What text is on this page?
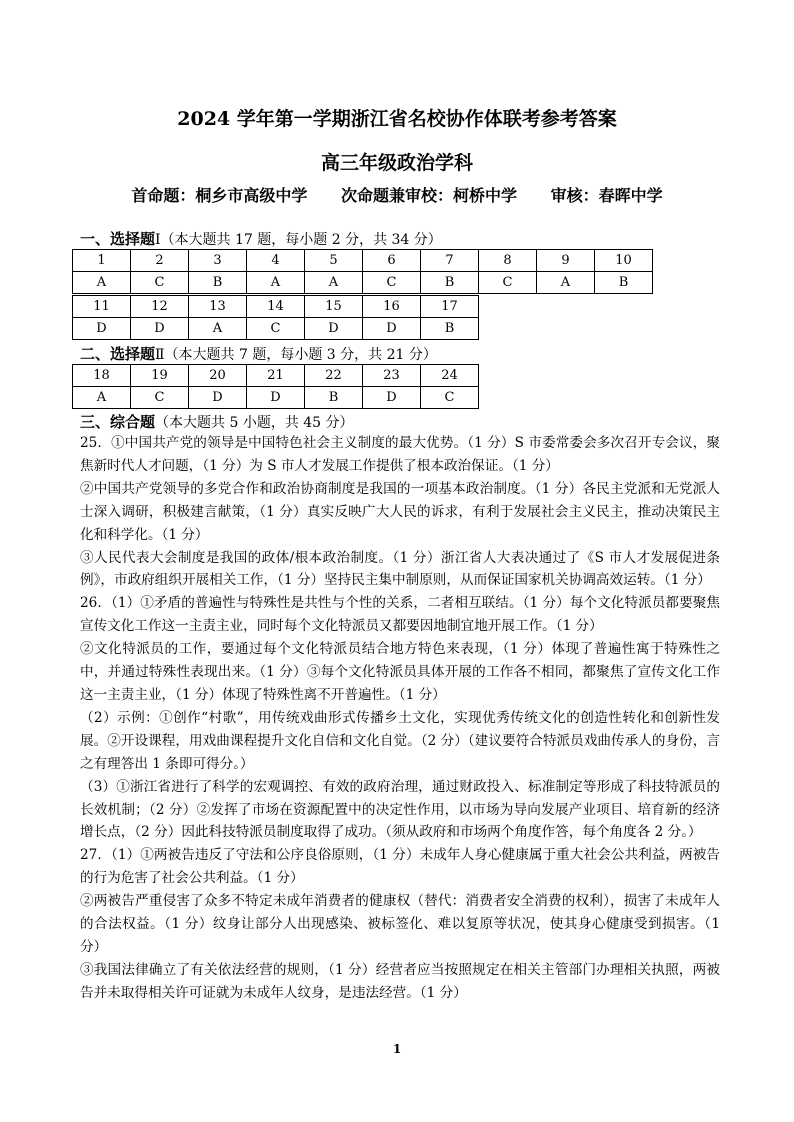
2024 学年第一学期浙江省名校协作体联考参考答案
高三年级政治学科
首命题：桐乡市高级中学 次命题兼审校：柯桥中学 审核：春晖中学
一、选择题Ⅰ（本大题共 17 题，每小题 2 分，共 34 分）
1	2	3	4	5	6	7	8	9	10
A	C	B	A	A	C	B	C	A	B
11	12	13	14	15	16	17
D	D	A	C	D	D	B
二、选择题Ⅱ（本大题共 7 题，每小题 3 分，共 21 分）
18	19	20	21	22	23	24
A	C	D	D	B	D	C
三、综合题（本大题共 5 小题，共 45 分）

25．①中国共产党的领导是中国特色社会主义制度的最大优势。（1 分）S 市委常委会多次召开专会议，聚焦新时代人才问题，（1 分）为 S 市人才发展工作提供了根本政治保证。（1 分）

②中国共产党领导的多党合作和政治协商制度是我国的一项基本政治制度。（1 分）各民主党派和无党派人士深入调研，积极建言献策，（1 分）真实反映广大人民的诉求，有利于发展社会主义民主，推动决策民主化和科学化。（1 分）

③人民代表大会制度是我国的政体/根本政治制度。（1 分）浙江省人大表决通过了《S 市人才发展促进条例》，市政府组织开展相关工作，（1 分）坚持民主集中制原则，从而保证国家机关协调高效运转。（1 分）

26．（1）①矛盾的普遍性与特殊性是共性与个性的关系，二者相互联结。（1 分）每个文化特派员都要聚焦宣传文化工作这一主责主业，同时每个文化特派员又都要因地制宜地开展工作。（1 分）

②文化特派员的工作，要通过每个文化特派员结合地方特色来表现，（1 分）体现了普遍性寓于特殊性之中，并通过特殊性表现出来。（1 分）③每个文化特派员具体开展的工作各不相同，都聚焦了宣传文化工作这一主责主业，（1 分）体现了特殊性离不开普遍性。（1 分）

（2）示例：①创作“村歌”，用传统戏曲形式传播乡土文化，实现优秀传统文化的创造性转化和创新性发展。②开设课程，用戏曲课程提升文化自信和文化自觉。（2 分）（建议要符合特派员戏曲传承人的身份，言之有理答出 1 条即可得分。）

（3）①浙江省进行了科学的宏观调控、有效的政府治理，通过财政投入、标准制定等形成了科技特派员的长效机制；（2 分）②发挥了市场在资源配置中的决定性作用，以市场为导向发展产业项目、培育新的经济增长点，（2 分）因此科技特派员制度取得了成功。（须从政府和市场两个角度作答，每个角度各 2 分。）

27．（1）①两被告违反了守法和公序良俗原则，（1 分）未成年人身心健康属于重大社会公共利益，两被告的行为危害了社会公共利益。（1 分）

②两被告严重侵害了众多不特定未成年消费者的健康权（替代：消费者安全消费的权利），损害了未成年人的合法权益。（1 分）纹身让部分人出现感染、被标签化、难以复原等状况，使其身心健康受到损害。（1 分）

③我国法律确立了有关依法经营的规则，（1 分）经营者应当按照规定在相关主管部门办理相关执照，两被告并未取得相关许可证就为未成年人纹身，是违法经营。（1 分）

1
